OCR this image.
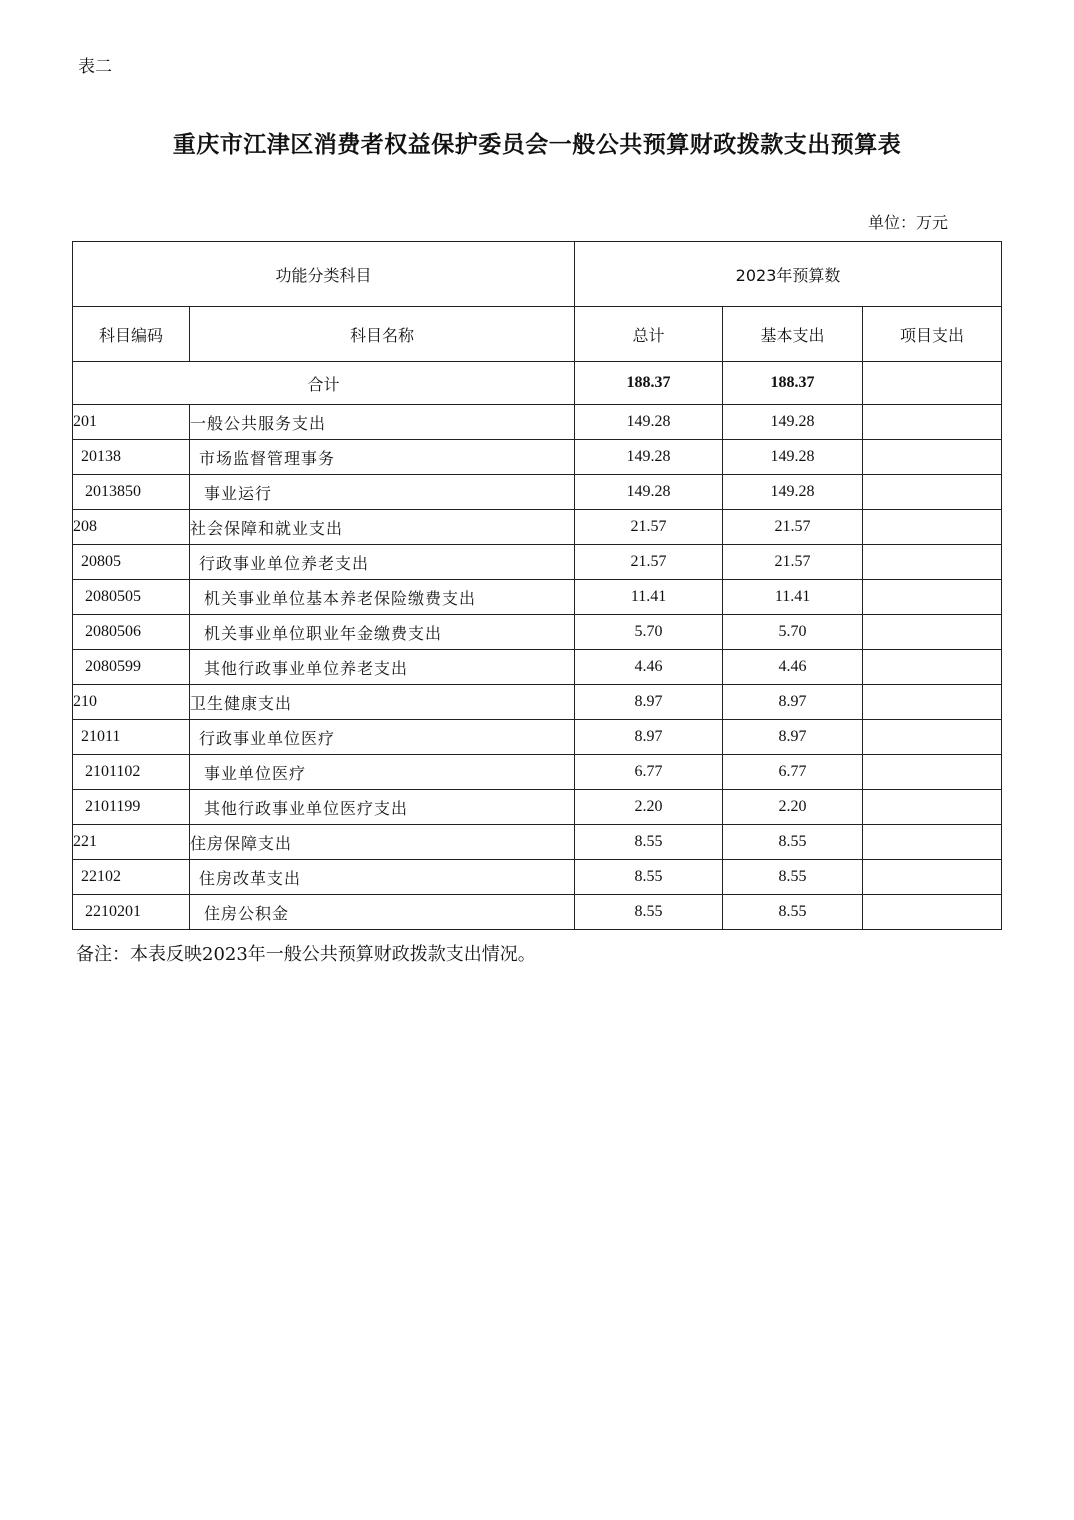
表二
重庆市江津区消费者权益保护委员会一般公共预算财政拨款支出预算表
单位：万元
功能分类科目		2023年预算数		
科目编码	科目名称	总计	基本支出	项目支出
合计		188.37	188.37	
201	一般公共服务支出	149.28	149.28	
20138	市场监督管理事务	149.28	149.28	
2013850	事业运行	149.28	149.28	
208	社会保障和就业支出	21.57	21.57	
20805	行政事业单位养老支出	21.57	21.57	
2080505	机关事业单位基本养老保险缴费支出	11.41	11.41	
2080506	机关事业单位职业年金缴费支出	5.70	5.70	
2080599	其他行政事业单位养老支出	4.46	4.46	
210	卫生健康支出	8.97	8.97	
21011	行政事业单位医疗	8.97	8.97	
2101102	事业单位医疗	6.77	6.77	
2101199	其他行政事业单位医疗支出	2.20	2.20	
221	住房保障支出	8.55	8.55	
22102	住房改革支出	8.55	8.55	
2210201	住房公积金	8.55	8.55	
备注：本表反映2023年一般公共预算财政拨款支出情况。
